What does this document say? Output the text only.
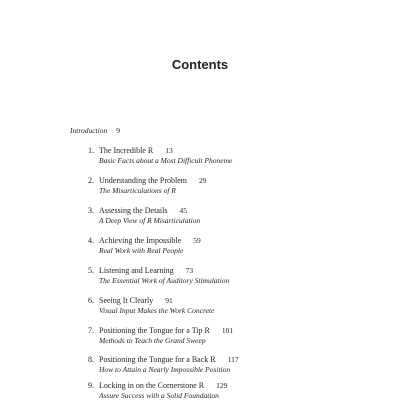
Contents
Introduction 9
1. The Incredible R 13
Basic Facts about a Most Difficult Phoneme
2. Understanding the Problem 29
The Misarticulations of R
3. Assessing the Details 45
A Deep View of R Misarticulation
4. Achieving the Impossible 59
Real Work with Real People
5. Listening and Learning 73
The Essential Work of Auditory Stimulation
6. Seeing It Clearly 91
Visual Input Makes the Work Concrete
7. Positioning the Tongue for a Tip R 101
Methods to Teach the Grand Sweep
8. Positioning the Tongue for a Back R 117
How to Attain a Nearly Impossible Position
9. Locking in on the Cornerstone R 129
Assure Success with a Solid Foundation
